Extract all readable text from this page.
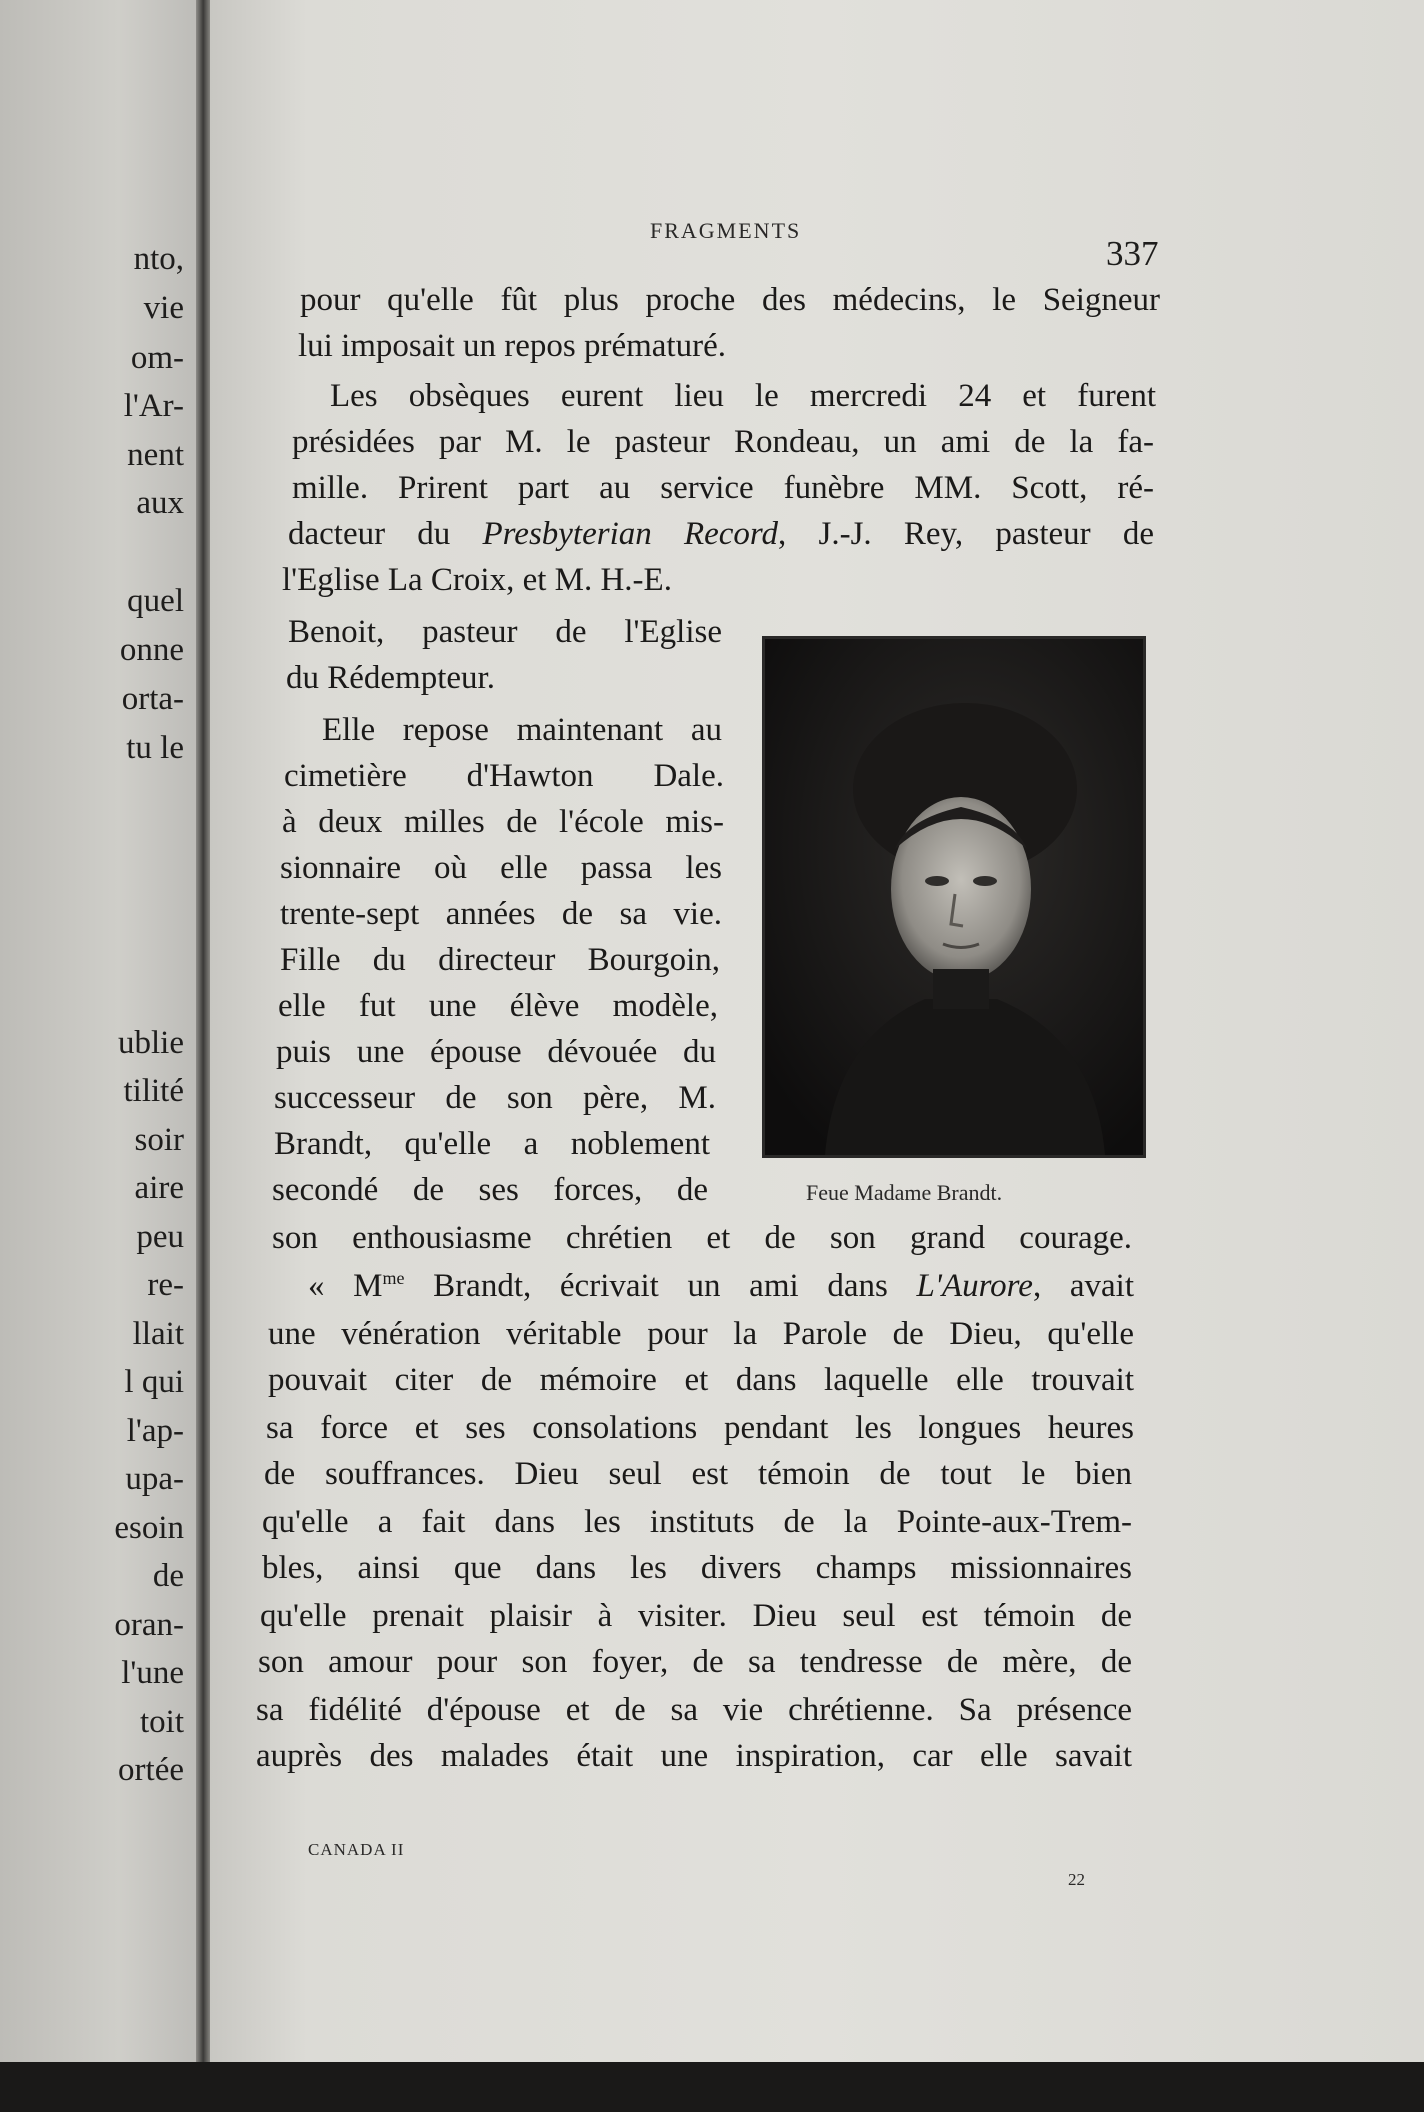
nto,
vie
om-
l'Ar-
nent
aux
quel
onne
orta-
tu le
ublie
tilité
soir
aire
peu
re-
llait
l qui
l'ap-
upa-
esoin
de
oran-
l'une
toit
ortée
FRAGMENTS
337
pour qu'elle fût plus proche des médecins, le Seigneur
lui imposait un repos prématuré.
Les obsèques eurent lieu le mercredi 24 et furent
présidées par M. le pasteur Rondeau, un ami de la fa-
mille. Prirent part au service funèbre MM. Scott, ré-
dacteur du Presbyterian Record, J.-J. Rey, pasteur de
l'Eglise La Croix, et M. H.-E.
Benoit, pasteur de l'Eglise
du Rédempteur.
Elle repose maintenant au
cimetière d'Hawton Dale.
à deux milles de l'école mis-
sionnaire où elle passa les
trente-sept années de sa vie.
Fille du directeur Bourgoin,
elle fut une élève modèle,
puis une épouse dévouée du
successeur de son père, M.
Brandt, qu'elle a noblement
secondé de ses forces, de
son enthousiasme chrétien et de son grand courage.
« $M^{me}$ Brandt, écrivait un ami dans L'Aurore, avait
une vénération véritable pour la Parole de Dieu, qu'elle
pouvait citer de mémoire et dans laquelle elle trouvait
sa force et ses consolations pendant les longues heures
de souffrances. Dieu seul est témoin de tout le bien
qu'elle a fait dans les instituts de la Pointe-aux-Trem-
bles, ainsi que dans les divers champs missionnaires
qu'elle prenait plaisir à visiter. Dieu seul est témoin de
son amour pour son foyer, de sa tendresse de mère, de
sa fidélité d'épouse et de sa vie chrétienne. Sa présence
auprès des malades était une inspiration, car elle savait
Feue Madame Brandt.
CANADA II
22
